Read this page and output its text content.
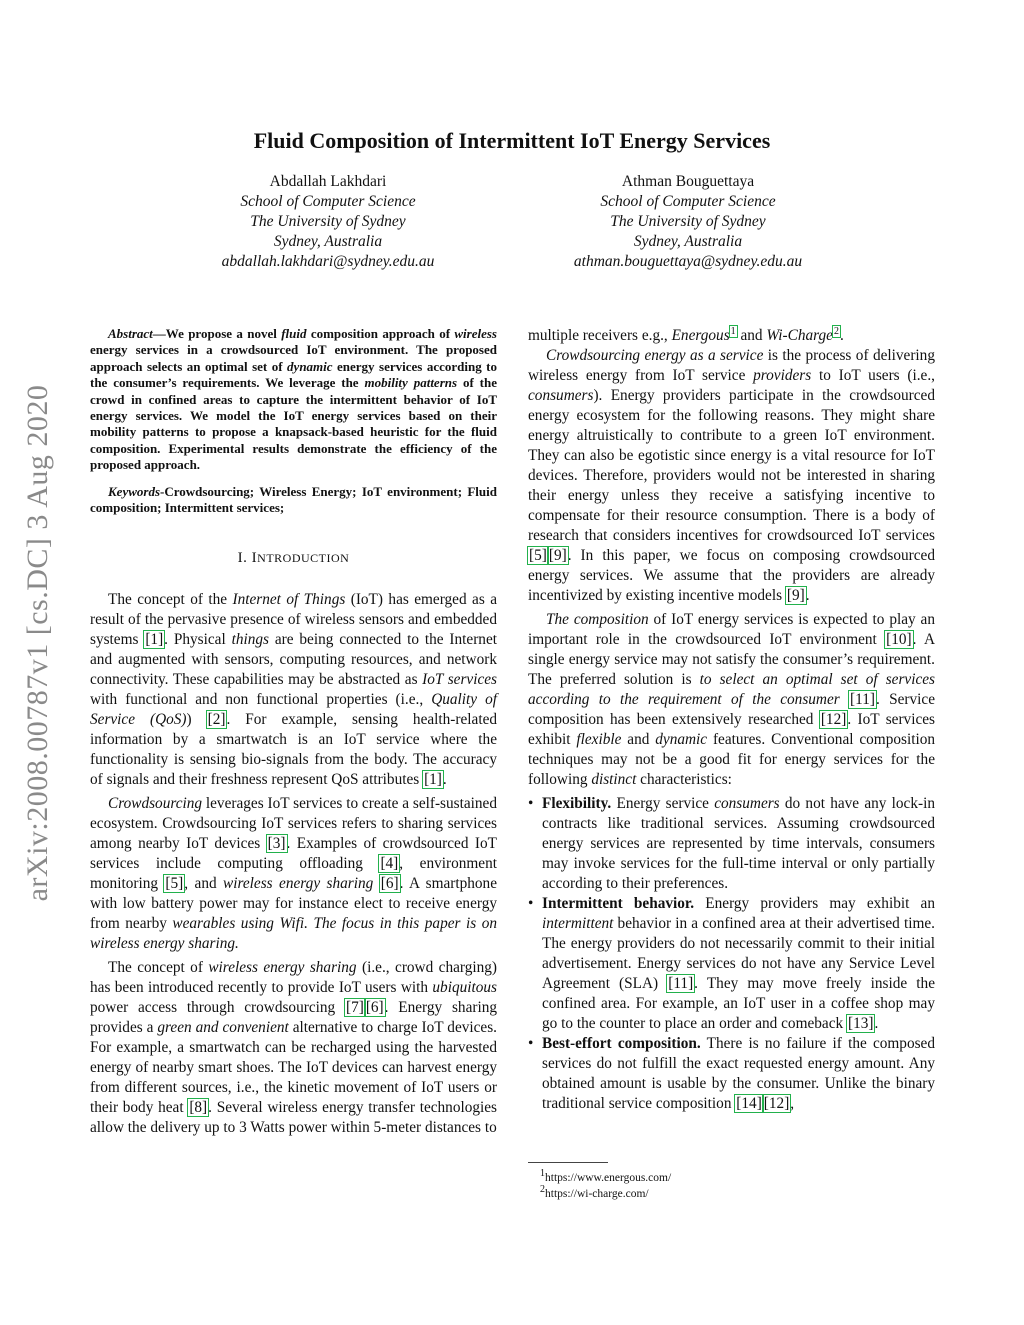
arXiv:2008.00787v1 [cs.DC] 3 Aug 2020
Fluid Composition of Intermittent IoT Energy Services
Abdallah Lakhdari
School of Computer Science
The University of Sydney
Sydney, Australia
abdallah.lakhdari@sydney.edu.au
Athman Bouguettaya
School of Computer Science
The University of Sydney
Sydney, Australia
athman.bouguettaya@sydney.edu.au

Abstract—We propose a novel fluid composition approach of wireless energy services in a crowdsourced IoT environment. The proposed approach selects an optimal set of dynamic energy services according to the consumer’s requirements. We leverage the mobility patterns of the crowd in confined areas to capture the intermittent behavior of IoT energy services. We model the IoT energy services based on their mobility patterns to propose a knapsack-based heuristic for the fluid composition. Experimental results demonstrate the efficiency of the proposed approach.

Keywords-Crowdsourcing; Wireless Energy; IoT environment; Fluid composition; Intermittent services;

I. INTRODUCTION

The concept of the Internet of Things (IoT) has emerged as a result of the pervasive presence of wireless sensors and embedded systems [1]. Physical things are being connected to the Internet and augmented with sensors, computing resources, and network connectivity. These capabilities may be abstracted as IoT services with functional and non functional properties (i.e., Quality of Service (QoS)) [2]. For example, sensing health-related information by a smartwatch is an IoT service where the functionality is sensing bio-signals from the body. The accuracy of signals and their freshness represent QoS attributes [1].

Crowdsourcing leverages IoT services to create a self-sustained ecosystem. Crowdsourcing IoT services refers to sharing services among nearby IoT devices [3]. Examples of crowdsourced IoT services include computing offloading [4], environment monitoring [5], and wireless energy sharing [6]. A smartphone with low battery power may for instance elect to receive energy from nearby wearables using Wifi. The focus in this paper is on wireless energy sharing.

The concept of wireless energy sharing (i.e., crowd charging) has been introduced recently to provide IoT users with ubiquitous power access through crowdsourcing [7] [6]. Energy sharing provides a green and convenient alternative to charge IoT devices. For example, a smartwatch can be recharged using the harvested energy of nearby smart shoes. The IoT devices can harvest energy from different sources, i.e., the kinetic movement of IoT users or their body heat [8]. Several wireless energy transfer technologies allow the delivery up to 3 Watts power within 5-meter distances to

multiple receivers e.g., Energous$^1$ and Wi-Charge$^2$.

Crowdsourcing energy as a service is the process of delivering wireless energy from IoT service providers to IoT users (i.e., consumers). Energy providers participate in the crowdsourced energy ecosystem for the following reasons. They might share energy altruistically to contribute to a green IoT environment. They can also be egotistic since energy is a vital resource for IoT devices. Therefore, providers would not be interested in sharing their energy unless they receive a satisfying incentive to compensate for their resource consumption. There is a body of research that considers incentives for crowdsourced IoT services [5] [9]. In this paper, we focus on composing crowdsourced energy services. We assume that the providers are already incentivized by existing incentive models [9].

The composition of IoT energy services is expected to play an important role in the crowdsourced IoT environment [10]. A single energy service may not satisfy the consumer’s requirement. The preferred solution is to select an optimal set of services according to the requirement of the consumer [11]. Service composition has been extensively researched [12]. IoT services exhibit flexible and dynamic features. Conventional composition techniques may not be a good fit for energy services for the following distinct characteristics:

• Flexibility. Energy service consumers do not have any lock-in contracts like traditional services. Assuming crowdsourced energy services are represented by time intervals, consumers may invoke services for the full-time interval or only partially according to their preferences.
• Intermittent behavior. Energy providers may exhibit an intermittent behavior in a confined area at their advertised time. The energy providers do not necessarily commit to their initial advertisement. Energy services do not have any Service Level Agreement (SLA) [11]. They may move freely inside the confined area. For example, an IoT user in a coffee shop may go to the counter to place an order and comeback [13].
• Best-effort composition. There is no failure if the composed services do not fulfill the exact requested energy amount. Any obtained amount is usable by the consumer. Unlike the binary traditional service composition [14] [12],
$^1$https://www.energous.com/
$^2$https://wi-charge.com/
